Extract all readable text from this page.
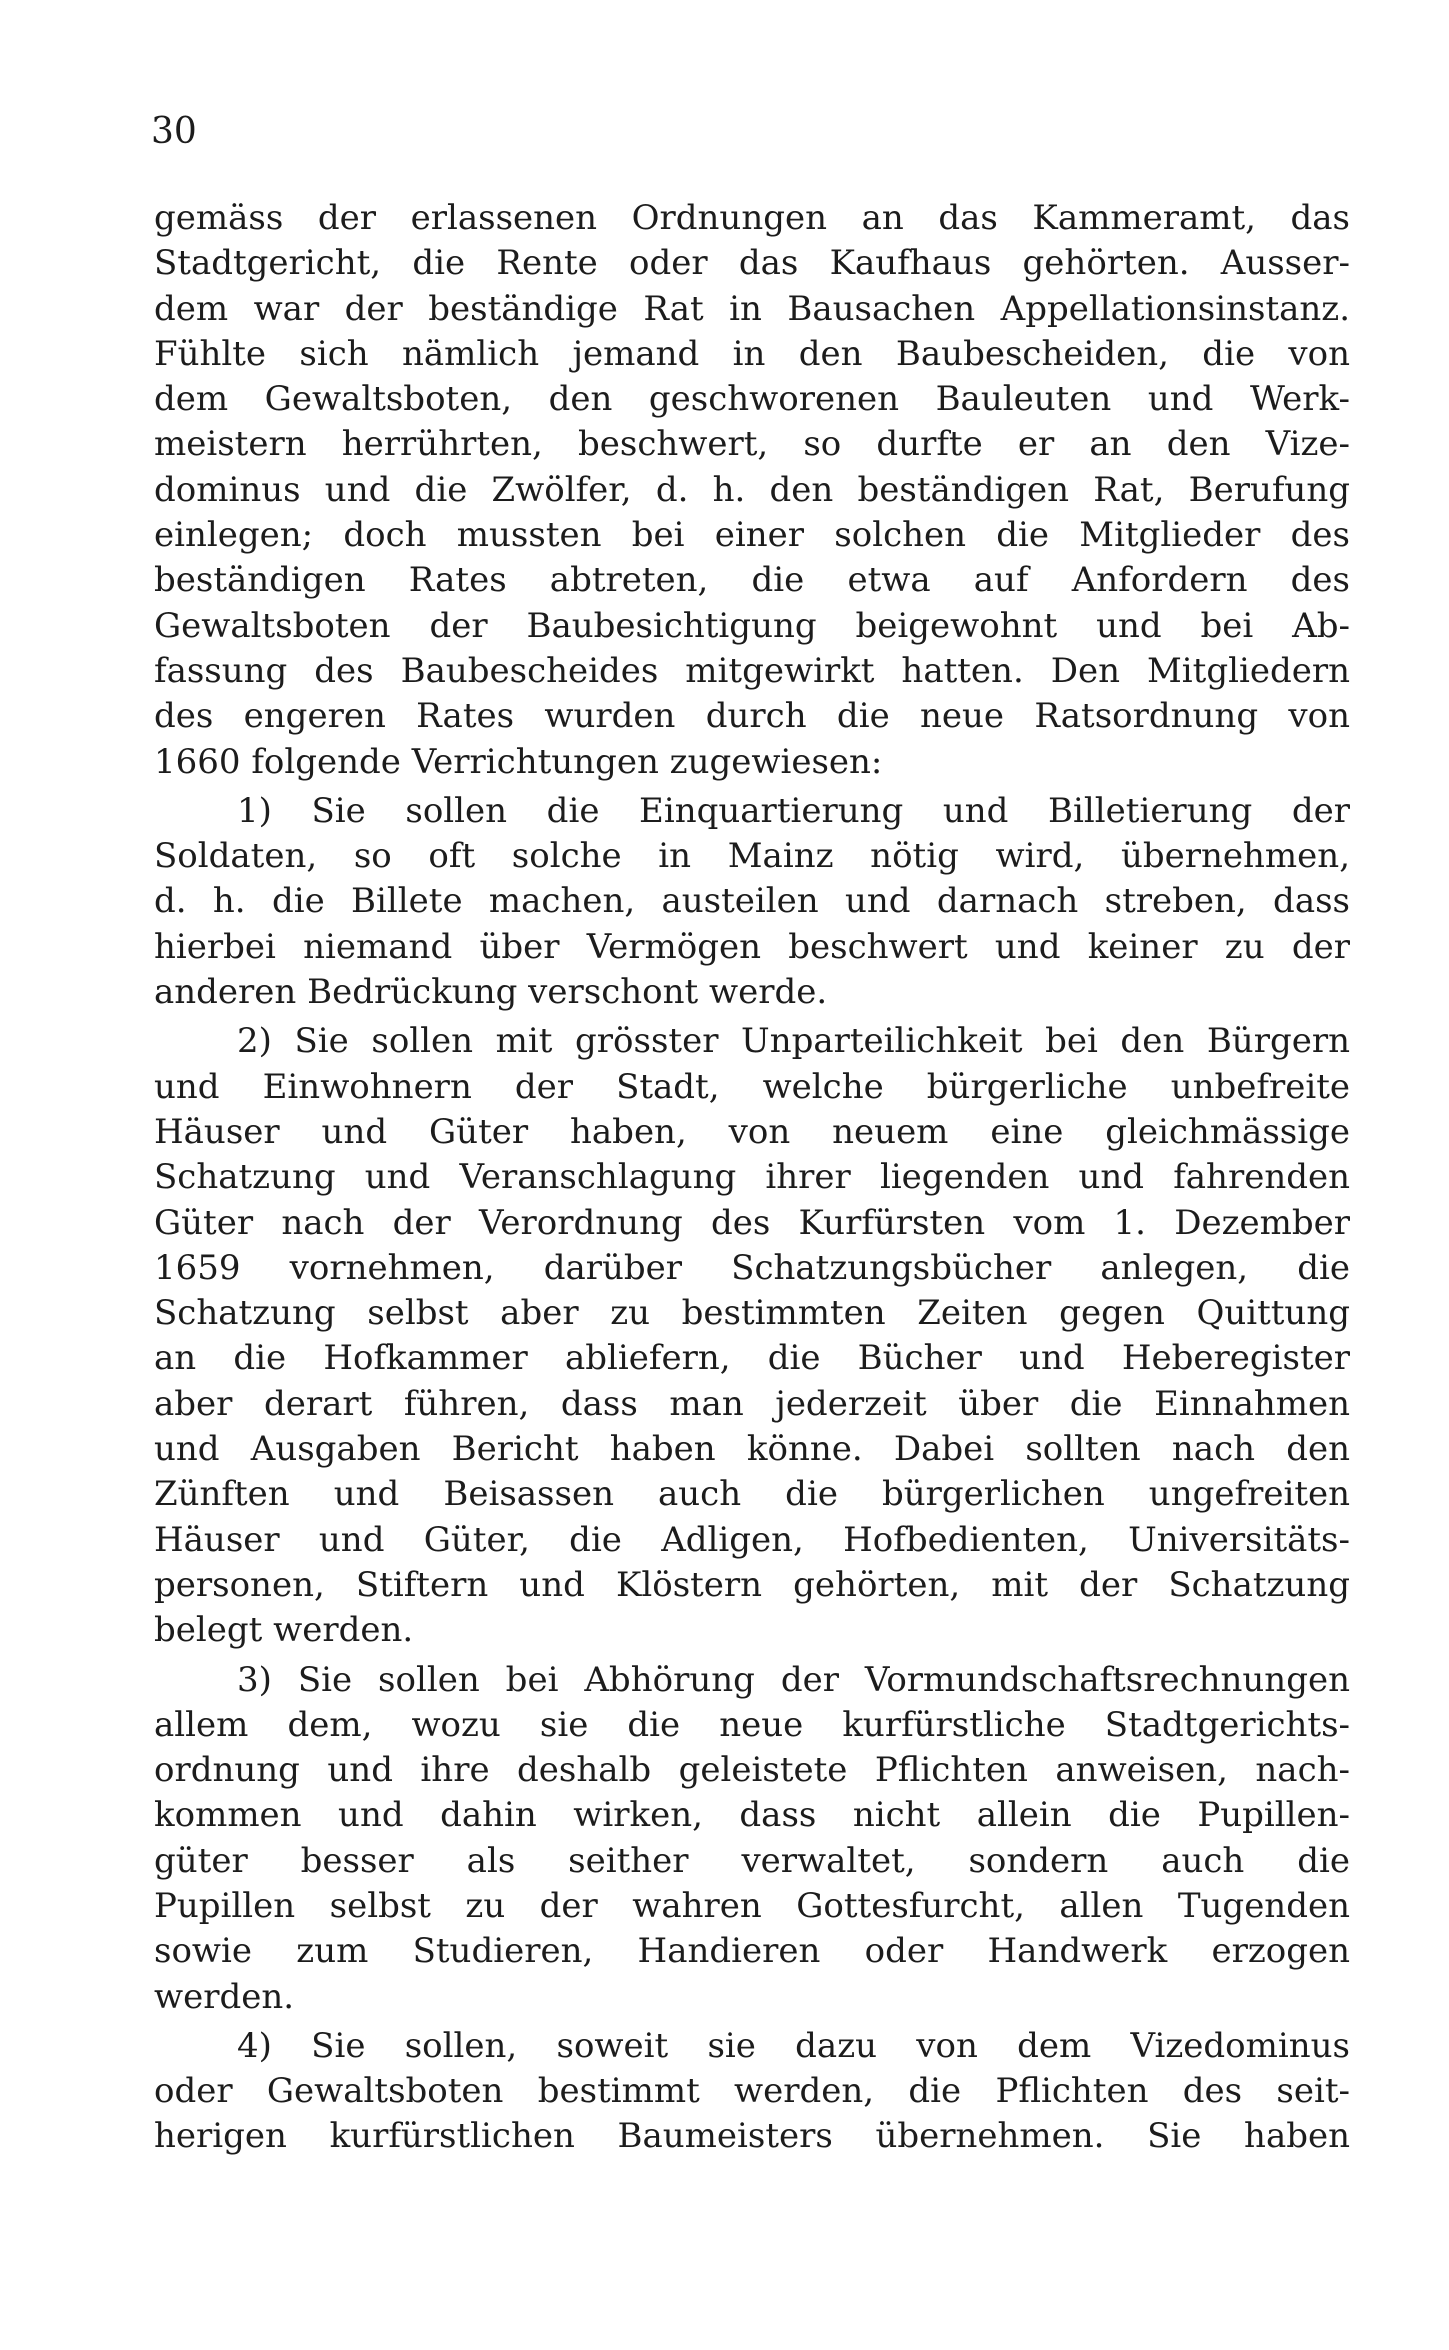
30
gemäss der erlassenen Ordnungen an das Kammeramt, das
Stadtgericht, die Rente oder das Kaufhaus gehörten. Ausser-
dem war der beständige Rat in Bausachen Appellationsinstanz.
Fühlte sich nämlich jemand in den Baubescheiden, die von
dem Gewaltsboten, den geschworenen Bauleuten und Werk-
meistern herrührten, beschwert, so durfte er an den Vize-
dominus und die Zwölfer, d. h. den beständigen Rat, Berufung
einlegen; doch mussten bei einer solchen die Mitglieder des
beständigen Rates abtreten, die etwa auf Anfordern des
Gewaltsboten der Baubesichtigung beigewohnt und bei Ab-
fassung des Baubescheides mitgewirkt hatten. Den Mitgliedern
des engeren Rates wurden durch die neue Ratsordnung von
1660 folgende Verrichtungen zugewiesen:
1) Sie sollen die Einquartierung und Billetierung der
Soldaten, so oft solche in Mainz nötig wird, übernehmen,
d. h. die Billete machen, austeilen und darnach streben, dass
hierbei niemand über Vermögen beschwert und keiner zu der
anderen Bedrückung verschont werde.
2) Sie sollen mit grösster Unparteilichkeit bei den Bürgern
und Einwohnern der Stadt, welche bürgerliche unbefreite
Häuser und Güter haben, von neuem eine gleichmässige
Schatzung und Veranschlagung ihrer liegenden und fahrenden
Güter nach der Verordnung des Kurfürsten vom 1. Dezember
1659 vornehmen, darüber Schatzungsbücher anlegen, die
Schatzung selbst aber zu bestimmten Zeiten gegen Quittung
an die Hofkammer abliefern, die Bücher und Heberegister
aber derart führen, dass man jederzeit über die Einnahmen
und Ausgaben Bericht haben könne. Dabei sollten nach den
Zünften und Beisassen auch die bürgerlichen ungefreiten
Häuser und Güter, die Adligen, Hofbedienten, Universitäts-
personen, Stiftern und Klöstern gehörten, mit der Schatzung
belegt werden.
3) Sie sollen bei Abhörung der Vormundschaftsrechnungen
allem dem, wozu sie die neue kurfürstliche Stadtgerichts-
ordnung und ihre deshalb geleistete Pflichten anweisen, nach-
kommen und dahin wirken, dass nicht allein die Pupillen-
güter besser als seither verwaltet, sondern auch die
Pupillen selbst zu der wahren Gottesfurcht, allen Tugenden
sowie zum Studieren, Handieren oder Handwerk erzogen
werden.
4) Sie sollen, soweit sie dazu von dem Vizedominus
oder Gewaltsboten bestimmt werden, die Pflichten des seit-
herigen kurfürstlichen Baumeisters übernehmen. Sie haben
